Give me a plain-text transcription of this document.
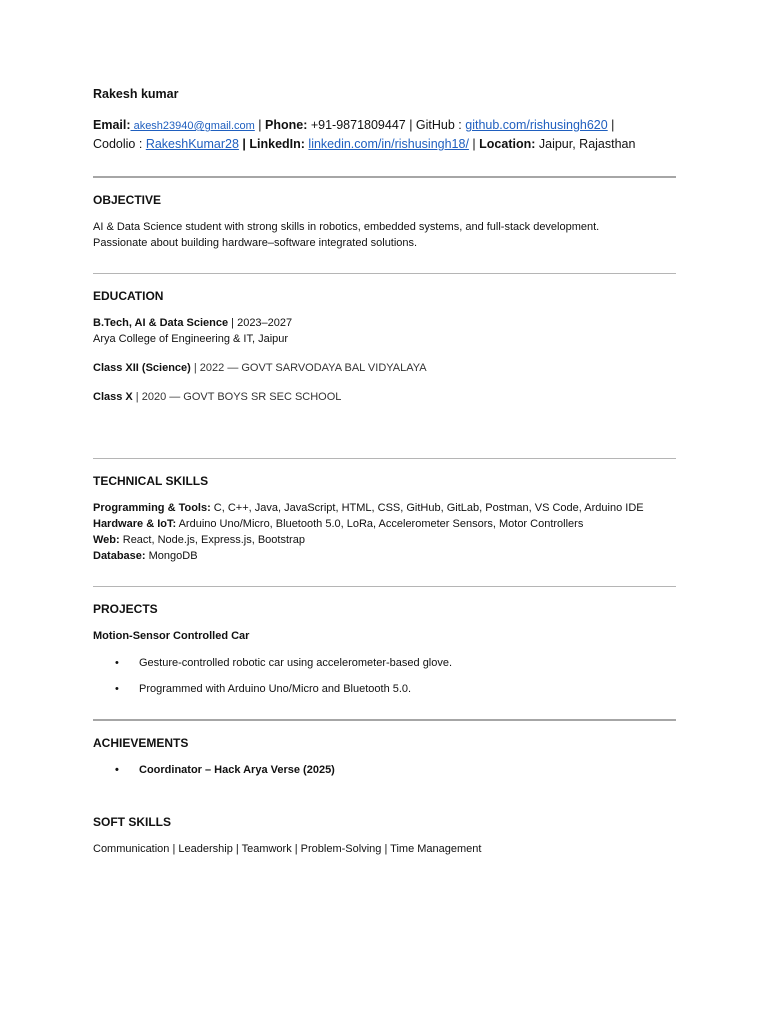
Rakesh kumar

Email: akesh23940@gmail.com | Phone: +91-9871809447 | GitHub : github.com/rishusingh620 |
Codolio : RakeshKumar28 | LinkedIn: linkedin.com/in/rishusingh18/ | Location: Jaipur, Rajasthan

OBJECTIVE

AI & Data Science student with strong skills in robotics, embedded systems, and full-stack development.
Passionate about building hardware–software integrated solutions.

EDUCATION

B.Tech, AI & Data Science | 2023–2027
Arya College of Engineering & IT, Jaipur
Class XII (Science) | 2022 — GOVT SARVODAYA BAL VIDYALAYA
Class X | 2020 — GOVT BOYS SR SEC SCHOOL

TECHNICAL SKILLS

Programming & Tools: C, C++, Java, JavaScript, HTML, CSS, GitHub, GitLab, Postman, VS Code, Arduino IDE
Hardware & IoT: Arduino Uno/Micro, Bluetooth 5.0, LoRa, Accelerometer Sensors, Motor Controllers
Web: React, Node.js, Express.js, Bootstrap
Database: MongoDB

PROJECTS

Motion-Sensor Controlled Car
• Gesture-controlled robotic car using accelerometer-based glove.
• Programmed with Arduino Uno/Micro and Bluetooth 5.0.

ACHIEVEMENTS

• Coordinator – Hack Arya Verse (2025)

SOFT SKILLS

Communication | Leadership | Teamwork | Problem-Solving | Time Management
